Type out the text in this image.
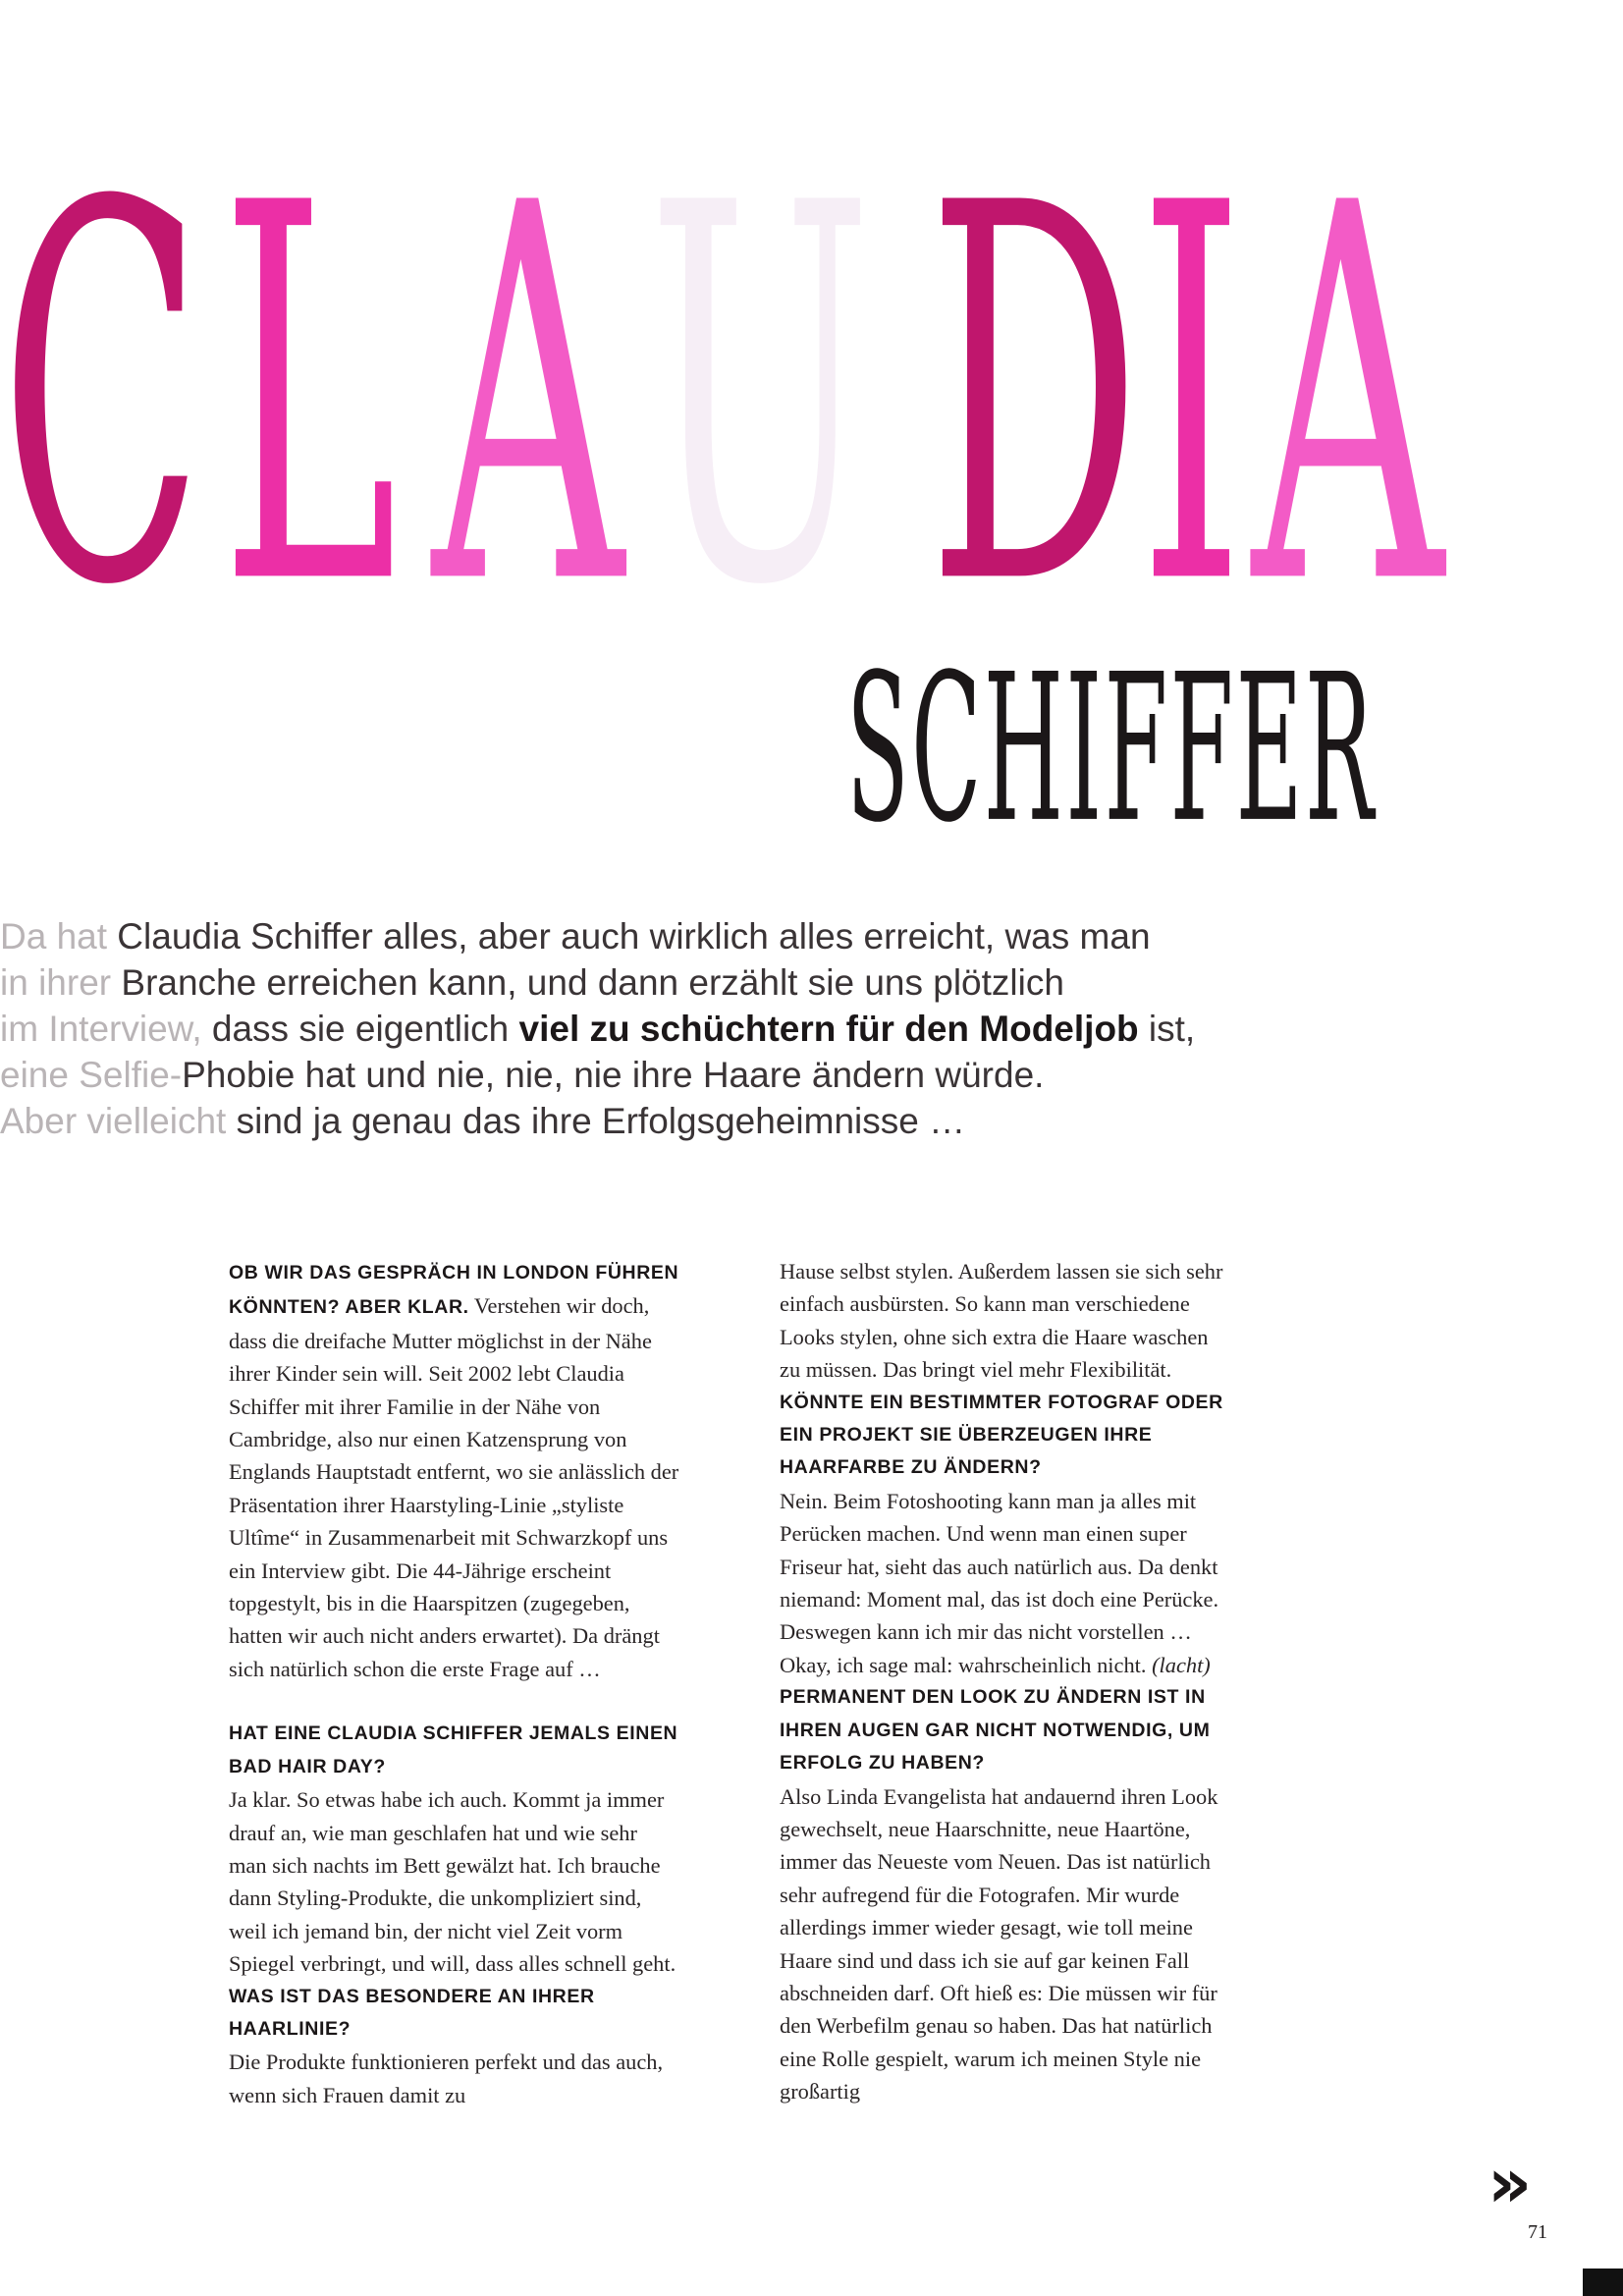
C L A U D
I A
SCHIFFER

Da hat Claudia Schiffer alles, aber auch wirklich alles erreicht, was man

in ihrer Branche erreichen kann, und dann erzählt sie uns plötzlich

im Interview, dass sie eigentlich viel zu schüchtern für den Modeljob ist,

eine Selfie-Phobie hat und nie, nie, nie ihre Haare ändern würde.

Aber vielleicht sind ja genau das ihre Erfolgsgeheimnisse …

OB WIR DAS GESPRÄCH IN LONDON FÜHREN KÖNNTEN? ABER KLAR. Verstehen wir doch, dass die dreifache Mutter möglichst in der Nähe ihrer Kinder sein will. Seit 2002 lebt Claudia Schiffer mit ihrer Familie in der Nähe von Cambridge, also nur einen Katzensprung von Englands Hauptstadt entfernt, wo sie anlässlich der Präsentation ihrer Haarstyling-Linie „styliste Ultîme“ in Zusammenarbeit mit Schwarzkopf uns ein Interview gibt. Die 44-Jährige erscheint topgestylt, bis in die Haarspitzen (zugegeben, hatten wir auch nicht anders erwartet). Da drängt sich natürlich schon die erste Frage auf …

HAT EINE CLAUDIA SCHIFFER JEMALS EINEN BAD HAIR DAY?

Ja klar. So etwas habe ich auch. Kommt ja immer drauf an, wie man geschlafen hat und wie sehr man sich nachts im Bett gewälzt hat. Ich brauche dann Styling-Produkte, die unkompliziert sind, weil ich jemand bin, der nicht viel Zeit vorm Spiegel verbringt, und will, dass alles schnell geht.

WAS IST DAS BESONDERE AN IHRER HAARLINIE?

Die Produkte funktionieren perfekt und das auch, wenn sich Frauen damit zu

Hause selbst stylen. Außerdem lassen sie sich sehr einfach ausbürsten. So kann man verschiedene Looks stylen, ohne sich extra die Haare waschen zu müssen. Das bringt viel mehr Flexibilität.

KÖNNTE EIN BESTIMMTER FOTOGRAF ODER EIN PROJEKT SIE ÜBERZEUGEN IHRE HAARFARBE ZU ÄNDERN?

Nein. Beim Fotoshooting kann man ja alles mit Perücken machen. Und wenn man einen super Friseur hat, sieht das auch natürlich aus. Da denkt niemand: Moment mal, das ist doch eine Perücke. Deswegen kann ich mir das nicht vorstellen … Okay, ich sage mal: wahrscheinlich nicht. (lacht)

PERMANENT DEN LOOK ZU ÄNDERN IST IN IHREN AUGEN GAR NICHT NOTWENDIG, UM ERFOLG ZU HABEN?

Also Linda Evangelista hat andauernd ihren Look gewechselt, neue Haarschnitte, neue Haartöne, immer das Neueste vom Neuen. Das ist natürlich sehr aufregend für die Fotografen. Mir wurde allerdings immer wieder gesagt, wie toll meine Haare sind und dass ich sie auf gar keinen Fall abschneiden darf. Oft hieß es: Die müssen wir für den Werbefilm genau so haben. Das hat natürlich eine Rolle gespielt, warum ich meinen Style nie großartig

»
71
